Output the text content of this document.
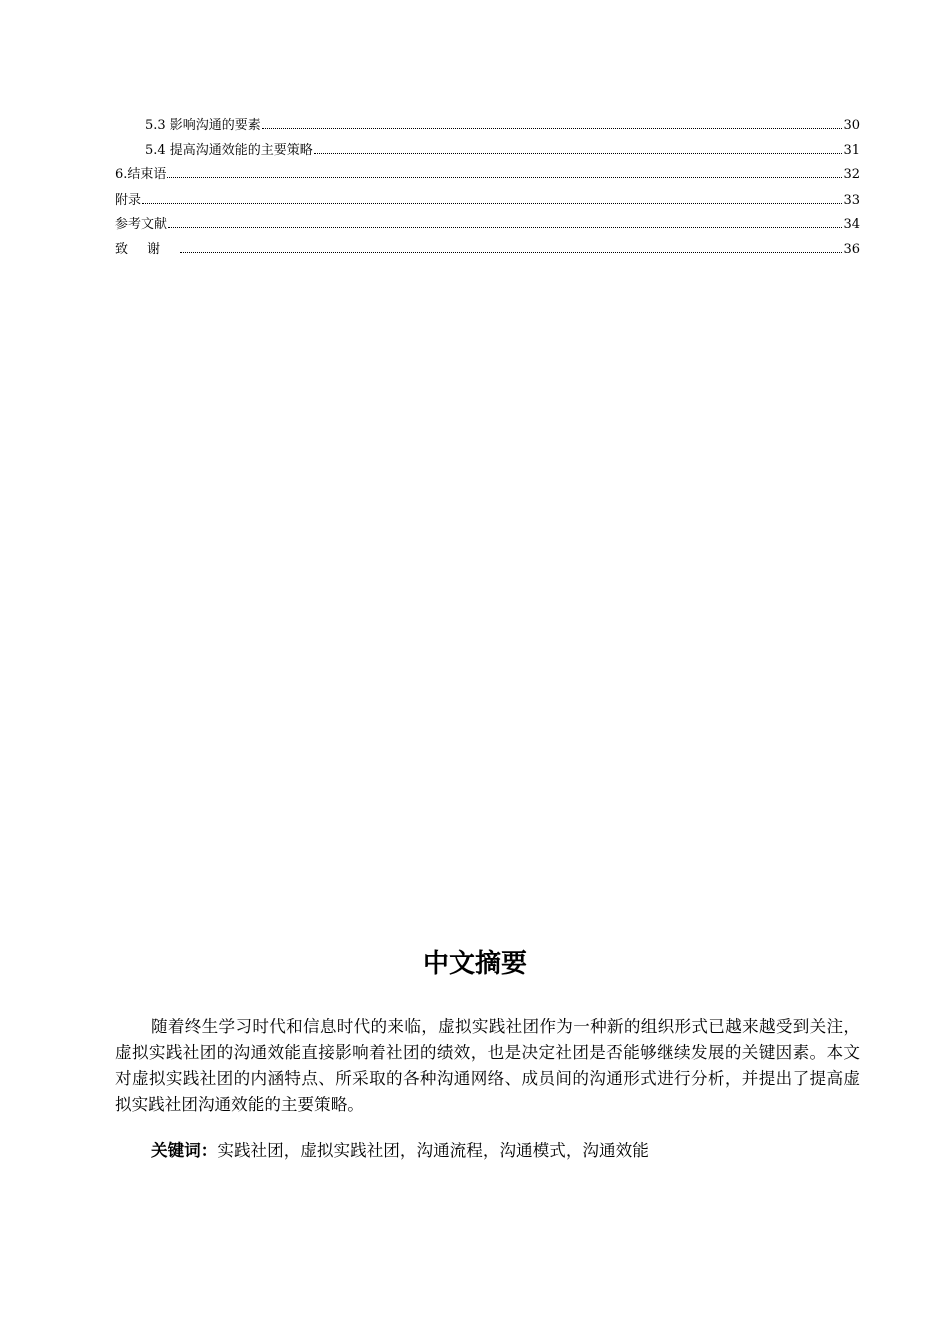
5.3 影响沟通的要素	30
5.4 提高沟通效能的主要策略	31
6.结束语	32
附录	33
参考文献	34
致谢	36
中文摘要

随着终生学习时代和信息时代的来临，虚拟实践社团作为一种新的组织形式已越来越受到关注，虚拟实践社团的沟通效能直接影响着社团的绩效，也是决定社团是否能够继续发展的关键因素。本文对虚拟实践社团的内涵特点、所采取的各种沟通网络、成员间的沟通形式进行分析，并提出了提高虚拟实践社团沟通效能的主要策略。

关键词：实践社团，虚拟实践社团，沟通流程，沟通模式，沟通效能
